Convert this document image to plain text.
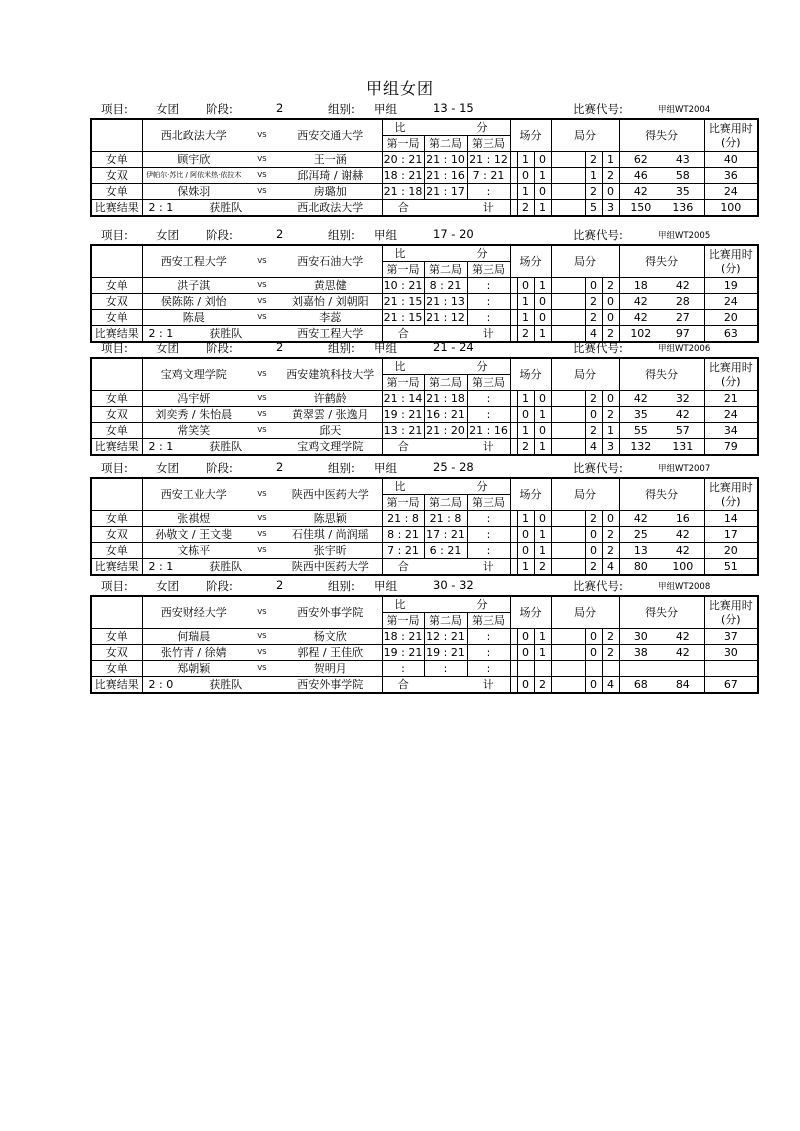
甲组女团
项目: 女团 阶段:	2	组别: 甲组	13 - 15	比赛代号:	甲组WT2004
	西北政法大学	VS	西安交通大学	比 分			场分			局分			得失分		比赛用时(分)
				第一局	第二局	第三局									
女单	顾宇欣	VS	王一涵	20 : 21	21 : 10	21 : 12		1	0		2	1	62	43	40
女双	伊帕尔·苏比 / 阿依米热·依拉木	VS	邱洱琦 / 谢赫	18 : 21	21 : 16	7 : 21		0	1		1	2	46	58	36
女单	保姝羽	VS	房璐加	21 : 18	21 : 17	:		1	0		2	0	42	35	24
比赛结果	2 : 1 获胜队		西北政法大学	合		计		2	1		5	3	150	136	100
项目: 女团 阶段:	2	组别: 甲组	17 - 20	比赛代号:	甲组WT2005
	西安工程大学	VS	西安石油大学	比 分			场分			局分			得失分		比赛用时(分)
				第一局	第二局	第三局									
女单	洪子淇	VS	黄思健	10 : 21	8 : 21	:		0	1		0	2	18	42	19
女双	侯陈陈 / 刘怡	VS	刘嘉怡 / 刘朝阳	21 : 15	21 : 13	:		1	0		2	0	42	28	24
女单	陈晨	VS	李蕊	21 : 15	21 : 12	:		1	0		2	0	42	27	20
比赛结果	2 : 1 获胜队		西安工程大学	合		计		2	1		4	2	102	97	63
项目: 女团 阶段:	2	组别: 甲组	21 - 24	比赛代号:	甲组WT2006
	宝鸡文理学院	VS	西安建筑科技大学	比 分			场分			局分			得失分		比赛用时(分)
				第一局	第二局	第三局									
女单	冯宇妍	VS	许鹤龄	21 : 14	21 : 18	:		1	0		2	0	42	32	21
女双	刘奕秀 / 朱怡晨	VS	黄翠雲 / 张逸月	19 : 21	16 : 21	:		0	1		0	2	35	42	24
女单	常笑笑	VS	邱天	13 : 21	21 : 20	21 : 16		1	0		2	1	55	57	34
比赛结果	2 : 1 获胜队		宝鸡文理学院	合		计		2	1		4	3	132	131	79
项目: 女团 阶段:	2	组别: 甲组	25 - 28	比赛代号:	甲组WT2007
	西安工业大学	VS	陕西中医药大学	比 分			场分			局分			得失分		比赛用时(分)
				第一局	第二局	第三局									
女单	张祺煜	VS	陈思颖	21 : 8	21 : 8	:		1	0		2	0	42	16	14
女双	孙敬文 / 王文斐	VS	石佳琪 / 尚润瑶	8 : 21	17 : 21	:		0	1		0	2	25	42	17
女单	文栋平	VS	张宇昕	7 : 21	6 : 21	:		0	1		0	2	13	42	20
比赛结果	2 : 1 获胜队		陕西中医药大学	合		计		1	2		2	4	80	100	51
项目: 女团 阶段:	2	组别: 甲组	30 - 32	比赛代号:	甲组WT2008
	西安财经大学	VS	西安外事学院	比 分			场分			局分			得失分		比赛用时(分)
				第一局	第二局	第三局									
女单	何瑞晨	VS	杨文欣	18 : 21	12 : 21	:		0	1		0	2	30	42	37
女双	张竹青 / 徐婧	VS	郭程 / 王佳欣	19 : 21	19 : 21	:		0	1		0	2	38	42	30
女单	郑朝颖	VS	贺明月	:	:	:									
比赛结果	2 : 0 获胜队		西安外事学院	合		计		0	2		0	4	68	84	67
